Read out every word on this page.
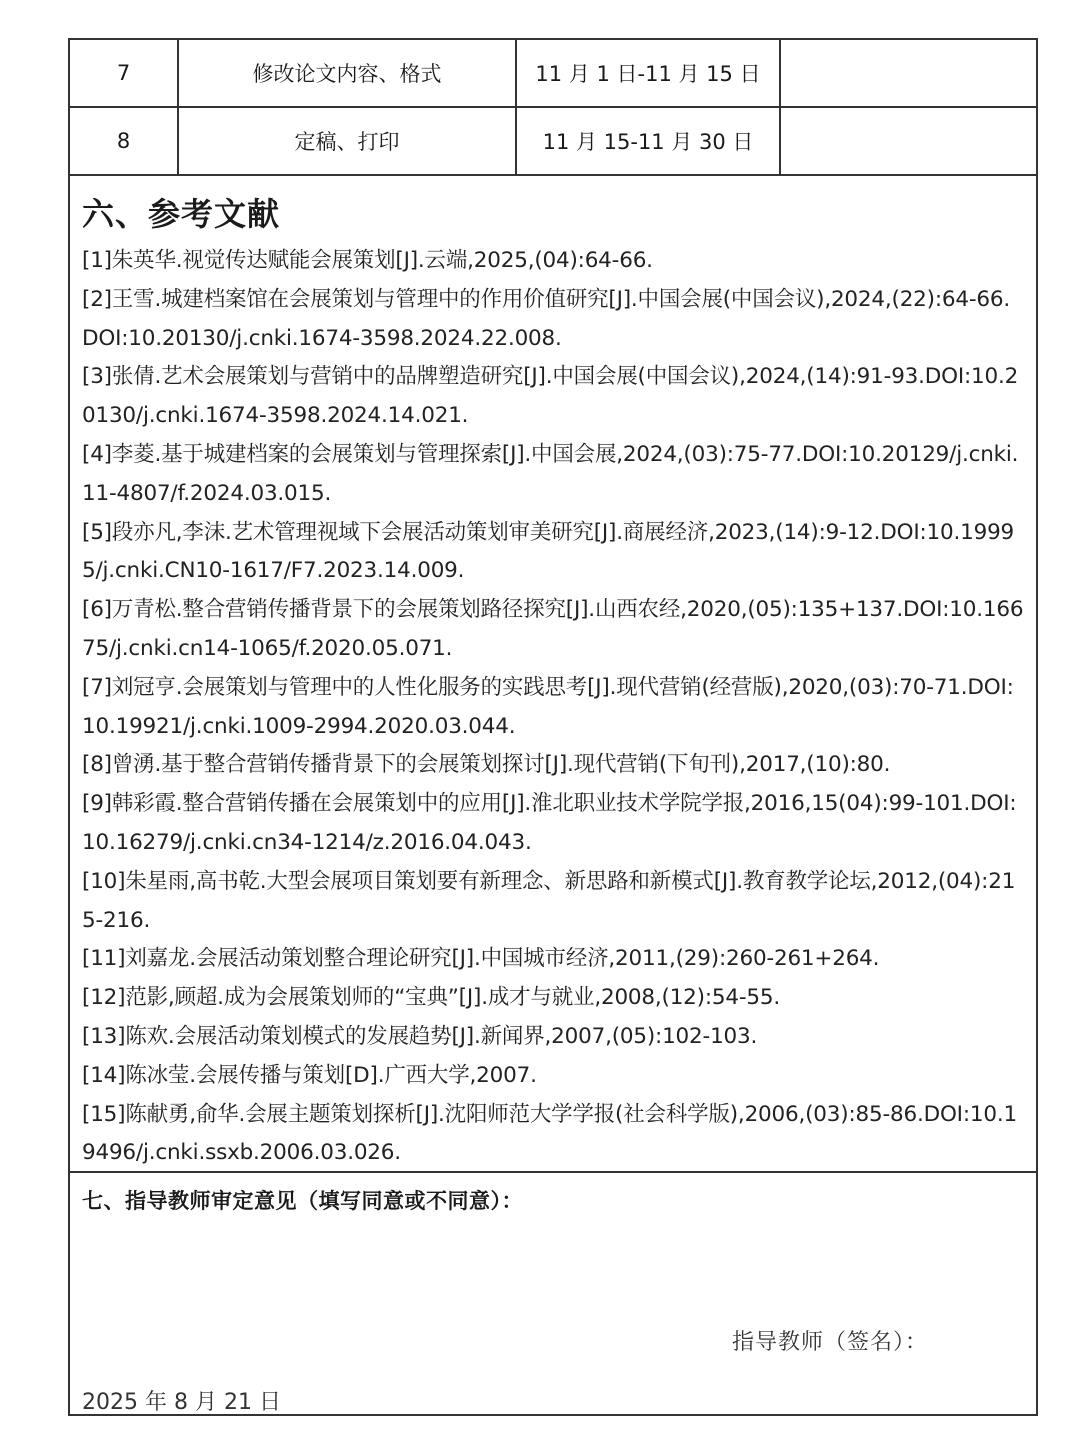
7	修改论文内容、格式	11 月 1 日-11 月 15 日	
8	定稿、打印	11 月 15-11 月 30 日	
六、参考文献
[1]朱英华.视觉传达赋能会展策划[J].云端,2025,(04):64-66.
[2]王雪.城建档案馆在会展策划与管理中的作用价值研究[J].中国会展(中国会议),2024,(22):64-66.DOI:10.20130/j.cnki.1674-3598.2024.22.008.
[3]张倩.艺术会展策划与营销中的品牌塑造研究[J].中国会展(中国会议),2024,(14):91-93.DOI:10.20130/j.cnki.1674-3598.2024.14.021.
[4]李菱.基于城建档案的会展策划与管理探索[J].中国会展,2024,(03):75-77.DOI:10.20129/j.cnki.11-4807/f.2024.03.015.
[5]段亦凡,李沫.艺术管理视域下会展活动策划审美研究[J].商展经济,2023,(14):9-12.DOI:10.19995/j.cnki.CN10-1617/F7.2023.14.009.
[6]万青松.整合营销传播背景下的会展策划路径探究[J].山西农经,2020,(05):135+137.DOI:10.16675/j.cnki.cn14-1065/f.2020.05.071.
[7]刘冠亨.会展策划与管理中的人性化服务的实践思考[J].现代营销(经营版),2020,(03):70-71.DOI:10.19921/j.cnki.1009-2994.2020.03.044.
[8]曾湧.基于整合营销传播背景下的会展策划探讨[J].现代营销(下旬刊),2017,(10):80.
[9]韩彩霞.整合营销传播在会展策划中的应用[J].淮北职业技术学院学报,2016,15(04):99-101.DOI:10.16279/j.cnki.cn34-1214/z.2016.04.043.
[10]朱星雨,高书乾.大型会展项目策划要有新理念、新思路和新模式[J].教育教学论坛,2012,(04):215-216.
[11]刘嘉龙.会展活动策划整合理论研究[J].中国城市经济,2011,(29):260-261+264.
[12]范影,顾超.成为会展策划师的“宝典”[J].成才与就业,2008,(12):54-55.
[13]陈欢.会展活动策划模式的发展趋势[J].新闻界,2007,(05):102-103.
[14]陈冰莹.会展传播与策划[D].广西大学,2007.
[15]陈献勇,俞华.会展主题策划探析[J].沈阳师范大学学报(社会科学版),2006,(03):85-86.DOI:10.19496/j.cnki.ssxb.2006.03.026.
七、指导教师审定意见（填写同意或不同意）：
指导教师（签名）：
2025 年 8 月 21 日
